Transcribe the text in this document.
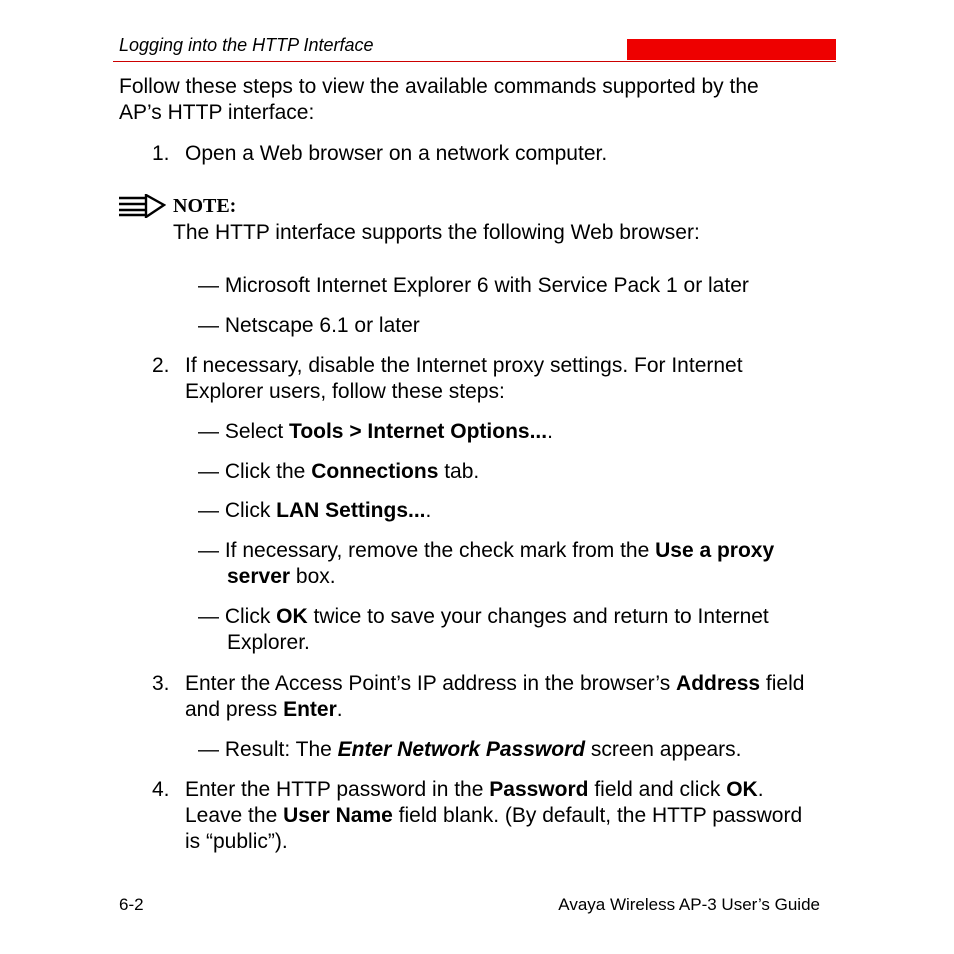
Logging into the HTTP Interface
Follow these steps to view the available commands supported by the
AP’s HTTP interface:
1. Open a Web browser on a network computer.
NOTE:
The HTTP interface supports the following Web browser:
— Microsoft Internet Explorer 6 with Service Pack 1 or later
— Netscape 6.1 or later
2. If necessary, disable the Internet proxy settings. For Internet
Explorer users, follow these steps:
— Select Tools > Internet Options....
— Click the Connections tab.
— Click LAN Settings....
— If necessary, remove the check mark from the Use a proxy
server box.
— Click OK twice to save your changes and return to Internet
Explorer.
3. Enter the Access Point’s IP address in the browser’s Address field
and press Enter.
— Result: The Enter Network Password screen appears.
4. Enter the HTTP password in the Password field and click OK.
Leave the User Name field blank. (By default, the HTTP password
is “public”).
6-2	Avaya Wireless AP-3 User’s Guide
